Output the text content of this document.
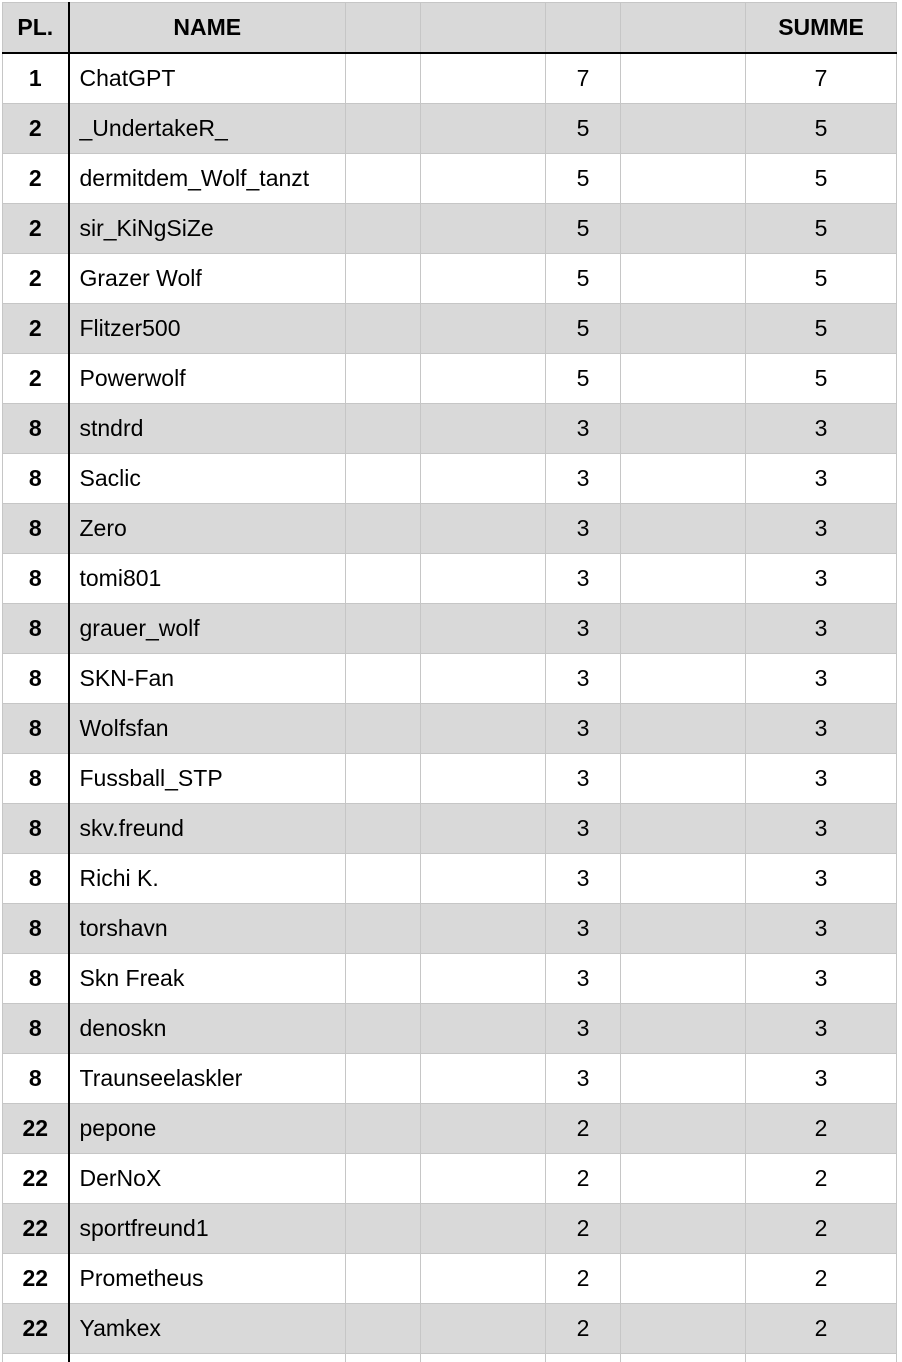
PL.	NAME					SUMME
1	ChatGPT			7		7
2	_UndertakeR_			5		5
2	dermitdem_Wolf_tanzt			5		5
2	sir_KiNgSiZe			5		5
2	Grazer Wolf			5		5
2	Flitzer500			5		5
2	Powerwolf			5		5
8	stndrd			3		3
8	Saclic			3		3
8	Zero			3		3
8	tomi801			3		3
8	grauer_wolf			3		3
8	SKN-Fan			3		3
8	Wolfsfan			3		3
8	Fussball_STP			3		3
8	skv.freund			3		3
8	Richi K.			3		3
8	torshavn			3		3
8	Skn Freak			3		3
8	denoskn			3		3
8	Traunseelaskler			3		3
22	pepone			2		2
22	DerNoX			2		2
22	sportfreund1			2		2
22	Prometheus			2		2
22	Yamkex			2		2
